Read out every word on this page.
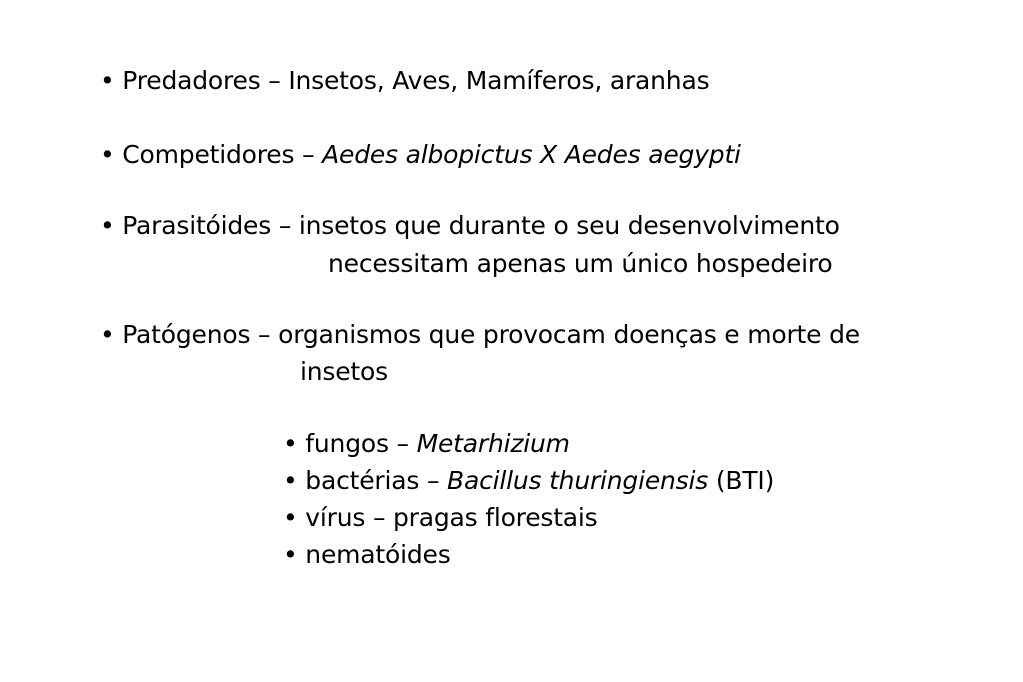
• Predadores – Insetos, Aves, Mamíferos, aranhas
• Competidores – Aedes albopictus X Aedes aegypti
• Parasitóides – insetos que durante o seu desenvolvimento
necessitam apenas um único hospedeiro
• Patógenos – organismos que provocam doenças e morte de
insetos
• fungos – Metarhizium
• bactérias – Bacillus thuringiensis (BTI)
• vírus – pragas florestais
• nematóides
